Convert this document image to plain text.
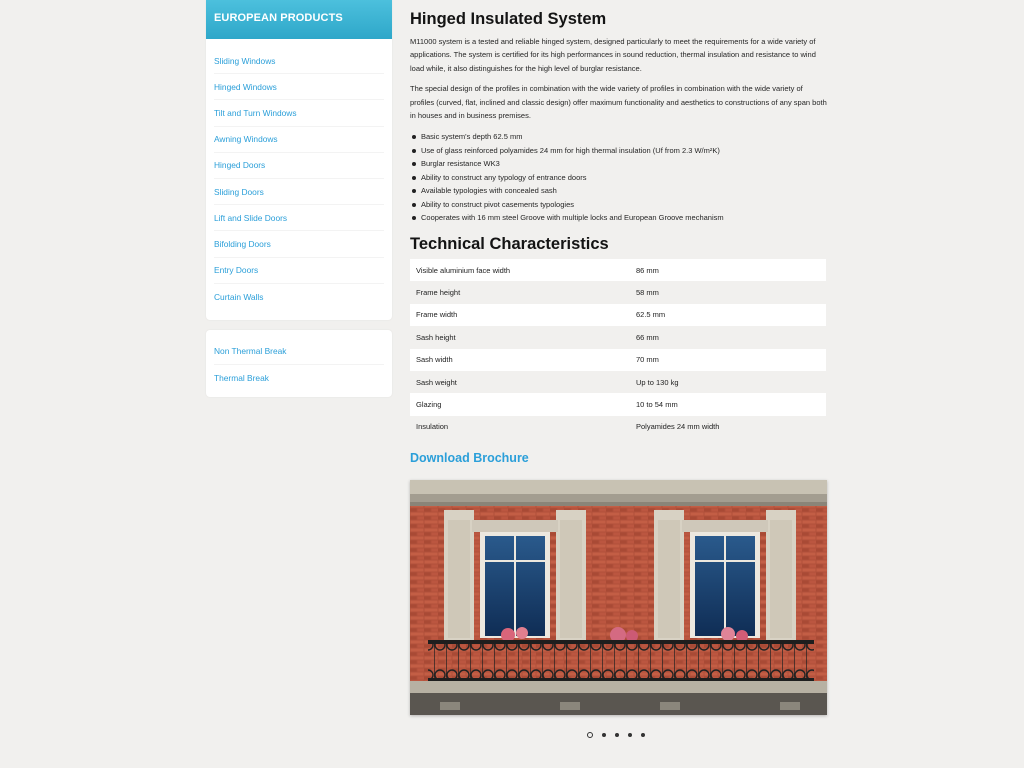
EUROPEAN PRODUCTS
Sliding Windows
Hinged Windows
Tilt and Turn Windows
Awning Windows
Hinged Doors
Sliding Doors
Lift and Slide Doors
Bifolding Doors
Entry Doors
Curtain Walls
Non Thermal Break
Thermal Break
Hinged Insulated System

M11000 system is a tested and reliable hinged system, designed particularly to meet the requirements for a wide variety of applications. The system is certified for its high performances in sound reduction, thermal insulation and resistance to wind load while, it also distinguishes for the high level of burglar resistance.

The special design of the profiles in combination with the wide variety of profiles in combination with the wide variety of profiles (curved, flat, inclined and classic design) offer maximum functionality and aesthetics to constructions of any span both in houses and in business premises.

Basic system's depth 62.5 mm
Use of glass reinforced polyamides 24 mm for high thermal insulation (Uf from 2.3 W/m²K)
Burglar resistance WK3
Ability to construct any typology of entrance doors
Available typologies with concealed sash
Ability to construct pivot casements typologies
Cooperates with 16 mm steel Groove with multiple locks and European Groove mechanism
Technical Characteristics
Visible aluminium face width	86 mm
Frame height	58 mm
Frame width	62.5 mm
Sash height	66 mm
Sash width	70 mm
Sash weight	Up to 130 kg
Glazing	10 to 54 mm
Insulation	Polyamides 24 mm width
Download Brochure
